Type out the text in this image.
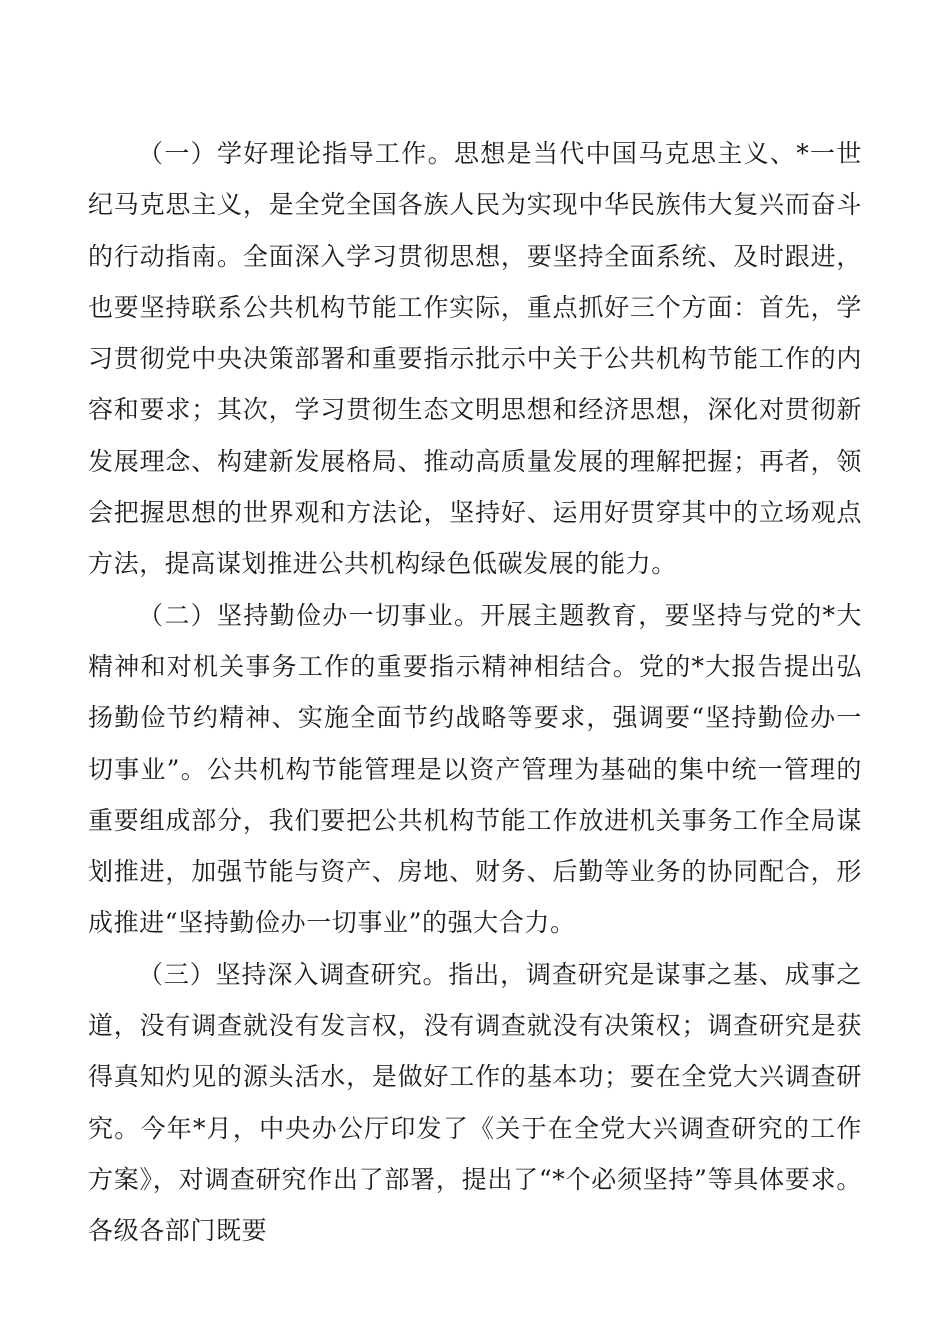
（一）学好理论指导工作。思想是当代中国马克思主义、*一世纪马克思主义，是全党全国各族人民为实现中华民族伟大复兴而奋斗的行动指南。全面深入学习贯彻思想，要坚持全面系统、及时跟进，也要坚持联系公共机构节能工作实际，重点抓好三个方面：首先，学习贯彻党中央决策部署和重要指示批示中关于公共机构节能工作的内容和要求；其次，学习贯彻生态文明思想和经济思想，深化对贯彻新发展理念、构建新发展格局、推动高质量发展的理解把握；再者，领会把握思想的世界观和方法论，坚持好、运用好贯穿其中的立场观点方法，提高谋划推进公共机构绿色低碳发展的能力。

（二）坚持勤俭办一切事业。开展主题教育，要坚持与党的*大精神和对机关事务工作的重要指示精神相结合。党的*大报告提出弘扬勤俭节约精神、实施全面节约战略等要求，强调要“坚持勤俭办一切事业”。公共机构节能管理是以资产管理为基础的集中统一管理的重要组成部分，我们要把公共机构节能工作放进机关事务工作全局谋划推进，加强节能与资产、房地、财务、后勤等业务的协同配合，形成推进“坚持勤俭办一切事业”的强大合力。

（三）坚持深入调查研究。指出，调查研究是谋事之基、成事之道，没有调查就没有发言权，没有调查就没有决策权；调查研究是获得真知灼见的源头活水，是做好工作的基本功；要在全党大兴调查研究。今年*月，中央办公厅印发了《关于在全党大兴调查研究的工作方案》，对调查研究作出了部署，提出了“*个必须坚持”等具体要求。各级各部门既要
